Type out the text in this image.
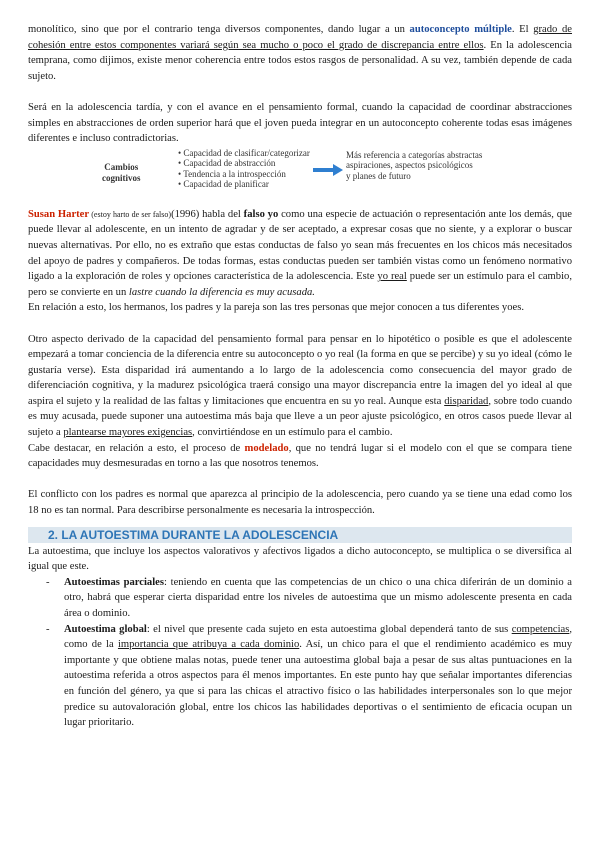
monolítico, sino que por el contrario tenga diversos componentes, dando lugar a un autoconcepto múltiple. El grado de cohesión entre estos componentes variará según sea mucho o poco el grado de discrepancia entre ellos. En la adolescencia temprana, como dijimos, existe menor coherencia entre todos estos rasgos de personalidad. A su vez, también depende de cada sujeto.

Será en la adolescencia tardía, y con el avance en el pensamiento formal, cuando la capacidad de coordinar abstracciones simples en abstracciones de orden superior hará que el joven pueda integrar en un autoconcepto coherente todas esas imágenes diferentes e incluso contradictorias.

Cambios
cognitivos
• Capacidad de clasificar/categorizar
• Capacidad de abstracción
• Tendencia a la introspección
• Capacidad de planificar
Más referencia a categorías abstractas
aspiraciones, aspectos psicológicos
y planes de futuro

Susan Harter (estoy harto de ser falso)(1996) habla del falso yo como una especie de actuación o representación ante los demás, que puede llevar al adolescente, en un intento de agradar y de ser aceptado, a expresar cosas que no siente, y a explorar o buscar nuevas alternativas. Por ello, no es extraño que estas conductas de falso yo sean más frecuentes en los chicos más necesitados del apoyo de padres y compañeros. De todas formas, estas conductas pueden ser también vistas como un fenómeno normativo ligado a la exploración de roles y opciones característica de la adolescencia. Este yo real puede ser un estímulo para el cambio, pero se convierte en un lastre cuando la diferencia es muy acusada.

En relación a esto, los hermanos, los padres y la pareja son las tres personas que mejor conocen a tus diferentes yoes.

Otro aspecto derivado de la capacidad del pensamiento formal para pensar en lo hipotético o posible es que el adolescente empezará a tomar conciencia de la diferencia entre su autoconcepto o yo real (la forma en que se percibe) y su yo ideal (cómo le gustaría verse). Esta disparidad irá aumentando a lo largo de la adolescencia como consecuencia del mayor grado de diferenciación cognitiva, y la madurez psicológica traerá consigo una mayor discrepancia entre la imagen del yo ideal al que aspira el sujeto y la realidad de las faltas y limitaciones que encuentra en su yo real. Aunque esta disparidad, sobre todo cuando es muy acusada, puede suponer una autoestima más baja que lleve a un peor ajuste psicológico, en otros casos puede llevar al sujeto a plantearse mayores exigencias, convirtiéndose en un estímulo para el cambio.

Cabe destacar, en relación a esto, el proceso de modelado, que no tendrá lugar si el modelo con el que se compara tiene capacidades muy desmesuradas en torno a las que nosotros tenemos.

El conflicto con los padres es normal que aparezca al principio de la adolescencia, pero cuando ya se tiene una edad como los 18 no es tan normal. Para describirse personalmente es necesaria la introspección.

2. LA AUTOESTIMA DURANTE LA ADOLESCENCIA

La autoestima, que incluye los aspectos valorativos y afectivos ligados a dicho autoconcepto, se multiplica o se diversifica al igual que este.

- Autoestimas parciales: teniendo en cuenta que las competencias de un chico o una chica diferirán de un dominio a otro, habrá que esperar cierta disparidad entre los niveles de autoestima que un mismo adolescente presenta en cada área o dominio.
- Autoestima global: el nivel que presente cada sujeto en esta autoestima global dependerá tanto de sus competencias, como de la importancia que atribuya a cada dominio. Así, un chico para el que el rendimiento académico es muy importante y que obtiene malas notas, puede tener una autoestima global baja a pesar de sus altas puntuaciones en la autoestima referida a otros aspectos para él menos importantes. En este punto hay que señalar importantes diferencias en función del género, ya que si para las chicas el atractivo físico o las habilidades interpersonales son lo que mejor predice su autovaloración global, entre los chicos las habilidades deportivas o el sentimiento de eficacia ocupan un lugar prioritario.
